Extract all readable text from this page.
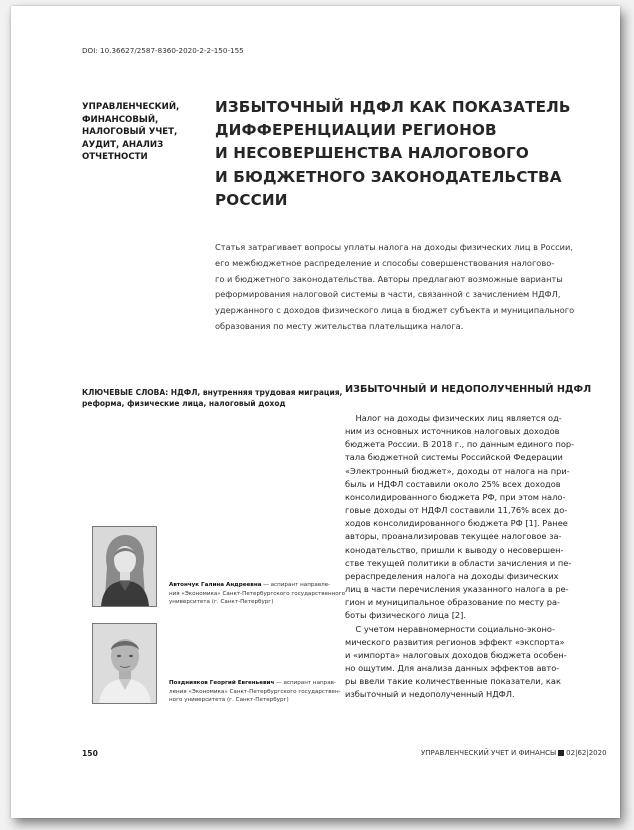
DOI: 10.36627/2587-8360-2020-2-2-150-155
УПРАВЛЕНЧЕСКИЙ,
ФИНАНСОВЫЙ,
НАЛОГОВЫЙ УЧЕТ,
АУДИТ, АНАЛИЗ
ОТЧЕТНОСТИ
ИЗБЫТОЧНЫЙ НДФЛ КАК ПОКАЗАТЕЛЬ
ДИФФЕРЕНЦИАЦИИ РЕГИОНОВ
И НЕСОВЕРШЕНСТВА НАЛОГОВОГО
И БЮДЖЕТНОГО ЗАКОНОДАТЕЛЬСТВА
РОССИИ
Статья затрагивает вопросы уплаты налога на доходы физических лиц в России,
его межбюджетное распределение и способы совершенствования налогово-
го и бюджетного законодательства. Авторы предлагают возможные варианты
реформирования налоговой системы в части, связанной с зачислением НДФЛ,
удержанного с доходов физического лица в бюджет субъекта и муниципального
образования по месту жительства плательщика налога.
КЛЮЧЕВЫЕ СЛОВА: НДФЛ, внутренняя трудовая миграция,
реформа, физические лица, налоговый доход
ИЗБЫТОЧНЫЙ И НЕДОПОЛУЧЕННЫЙ НДФЛ
Налог на доходы физических лиц является од-
ним из основных источников налоговых доходов
бюджета России. В 2018 г., по данным единого пор-
тала бюджетной системы Российской Федерации
«Электронный бюджет», доходы от налога на при-
быль и НДФЛ составили около 25% всех доходов
консолидированного бюджета РФ, при этом нало-
говые доходы от НДФЛ составили 11,76% всех до-
ходов консолидированного бюджета РФ [1]. Ранее
авторы, проанализировав текущее налоговое за-
конодательство, пришли к выводу о несовершен-
стве текущей политики в области зачисления и пе-
рераспределения налога на доходы физических
лиц в части перечисления указанного налога в ре-
гион и муниципальное образование по месту ра-
боты физического лица [2].
С учетом неравномерности социально-эконо-
мического развития регионов эффект «экспорта»
и «импорта» налоговых доходов бюджета особен-
но ощутим. Для анализа данных эффектов авто-
ры ввели такие количественные показатели, как
избыточный и недополученный НДФЛ.
Автончук Галина Андреевна — аспирант направле-
ния «Экономика» Санкт-Петербургского государственного
университета (г. Санкт-Петербург)
Позднияков Георгий Евгеньевич — аспирант направ-
ления «Экономика» Санкт-Петербургского государствен-
ного университета (г. Санкт-Петербург)
150	УПРАВЛЕНЧЕСКИЙ УЧЕТ И ФИНАНСЫ 02|62|2020
